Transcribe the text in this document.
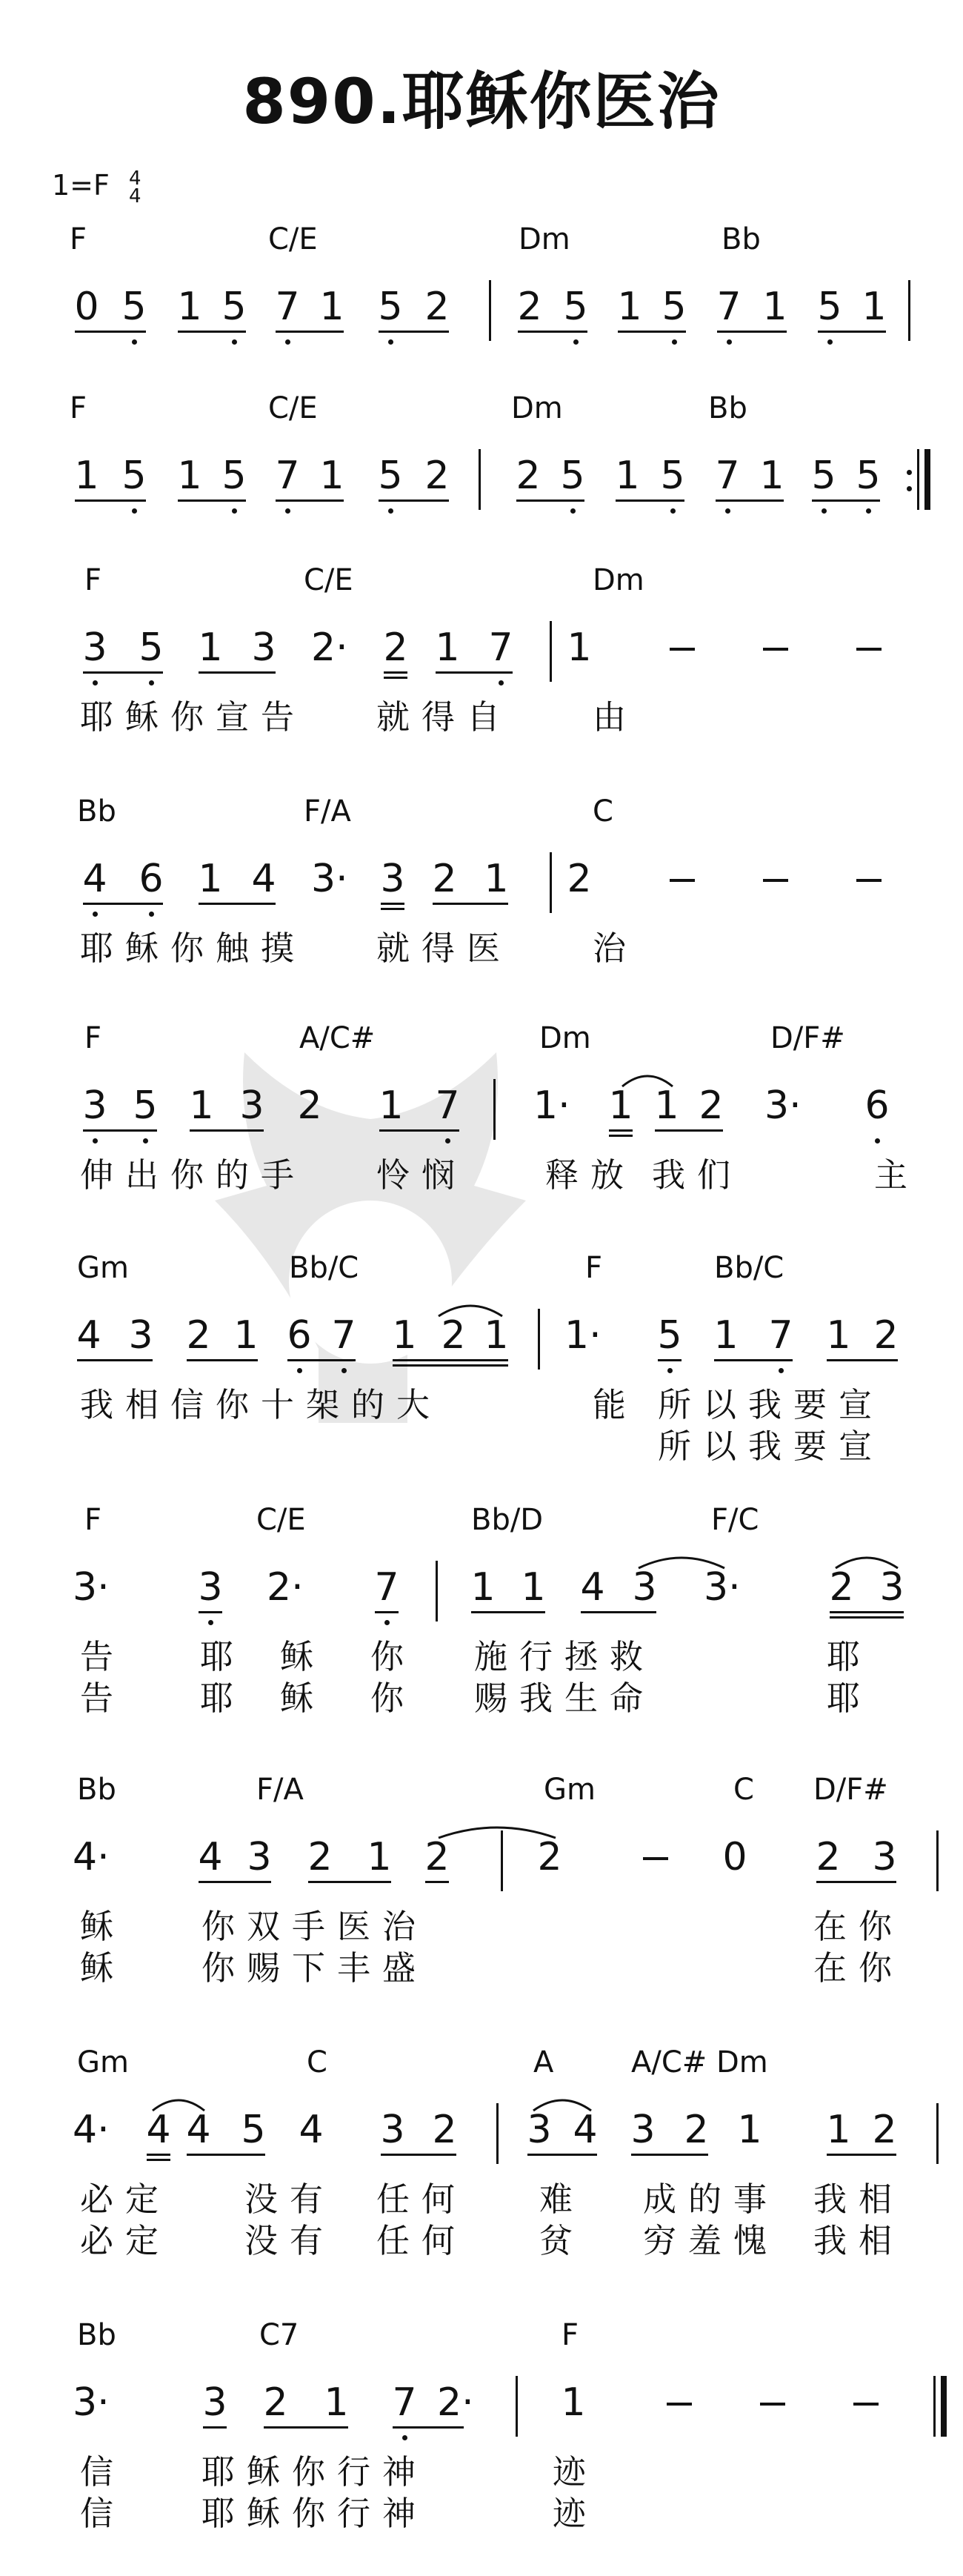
890.耶稣你医治
1=F 4
4
F	C/E	Dm	Bb
0 5 1 5 7 1 5 2 2 5 1 5 7 1 5 1
F	C/E	Dm	Bb
1 5 1 5 7 1 5 2 2 5 1 5 7 1 5 5
F	C/E	Dm
3 5 1 3 2· 2 1 7 1
耶稣你宣告 就得自 由
Bb	F/A	C
4 6 1 4 3· 3 2 1 2
耶稣你触摸 就得医 治
F	A/C#	Dm	D/F#
3 5 1 3 2 1 7 1· 1 1 2 3· 6
伸出你的手 怜悯 释放 我们	主
Gm	Bb/C	F	Bb/C
4 3 2 1 6 7 1 2 1 1· 5 1 7 1 2
我相信你十架的大	能 所以我要宣
所以我要宣
F	C/E	Bb/D	F/C
3· 3 2· 7 1 1 4 3 3· 2 3
告 耶 稣 你 施行拯救	耶
告 耶 稣 你 赐我生命	耶
Bb	F/A	Gm	C D/F#
4· 4 3 2 1 2 2	0 2 3
稣 你双手医治	在你
稣 你赐下丰盛	在你
Gm	C	A	A/C# Dm
4· 4 4 5 4 3 2 3 4 3 2 1 1 2
必定 没有 任何 难 成的事 我相
必定 没有 任何 贫 穷羞愧 我相
Bb	C7	F
3· 3 2 1 7 2· 1
信 耶稣你行神	迹
信 耶稣你行神	迹
